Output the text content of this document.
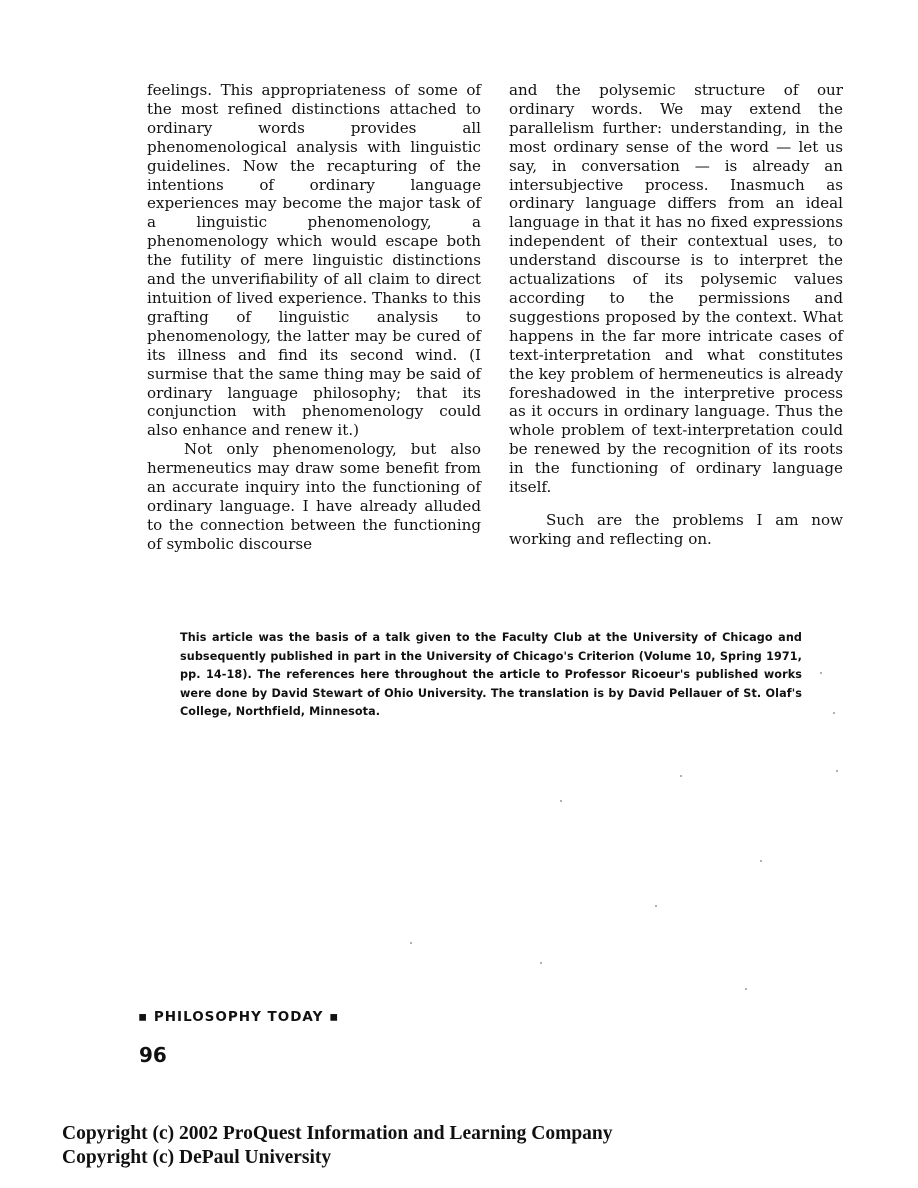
feelings. This appropriateness of some of the most refined distinctions attached to ordinary words provides all phenomenological analysis with linguistic guidelines. Now the recapturing of the intentions of ordinary language experiences may become the major task of a linguistic phenomenology, a phenomenology which would escape both the futility of mere linguistic distinctions and the unverifiability of all claim to direct intuition of lived experience. Thanks to this grafting of linguistic analysis to phenomenology, the latter may be cured of its illness and find its second wind. (I surmise that the same thing may be said of ordinary language philosophy; that its conjunction with phenomenology could also enhance and renew it.)

Not only phenomenology, but also hermeneutics may draw some benefit from an accurate inquiry into the functioning of ordinary language. I have already alluded to the connection between the functioning of symbolic discourse

and the polysemic structure of our ordinary words. We may extend the parallelism further: understanding, in the most ordinary sense of the word — let us say, in conversation — is already an intersubjective process. Inasmuch as ordinary language differs from an ideal language in that it has no fixed expressions independent of their contextual uses, to understand discourse is to interpret the actualizations of its polysemic values according to the permissions and suggestions proposed by the context. What happens in the far more intricate cases of text-interpretation and what constitutes the key problem of hermeneutics is already foreshadowed in the interpretive process as it occurs in ordinary language. Thus the whole problem of text-interpretation could be renewed by the recognition of its roots in the functioning of ordinary language itself.

Such are the problems I am now working and reflecting on.

This article was the basis of a talk given to the Faculty Club at the University of Chicago and subsequently published in part in the University of Chicago's Criterion (Volume 10, Spring 1971, pp. 14-18). The references here throughout the article to Professor Ricoeur's published works were done by David Stewart of Ohio University. The translation is by David Pellauer of St. Olaf's College, Northfield, Minnesota.
▪ PHILOSOPHY TODAY ▪
96
Copyright (c) 2002 ProQuest Information and Learning Company
Copyright (c) DePaul University
